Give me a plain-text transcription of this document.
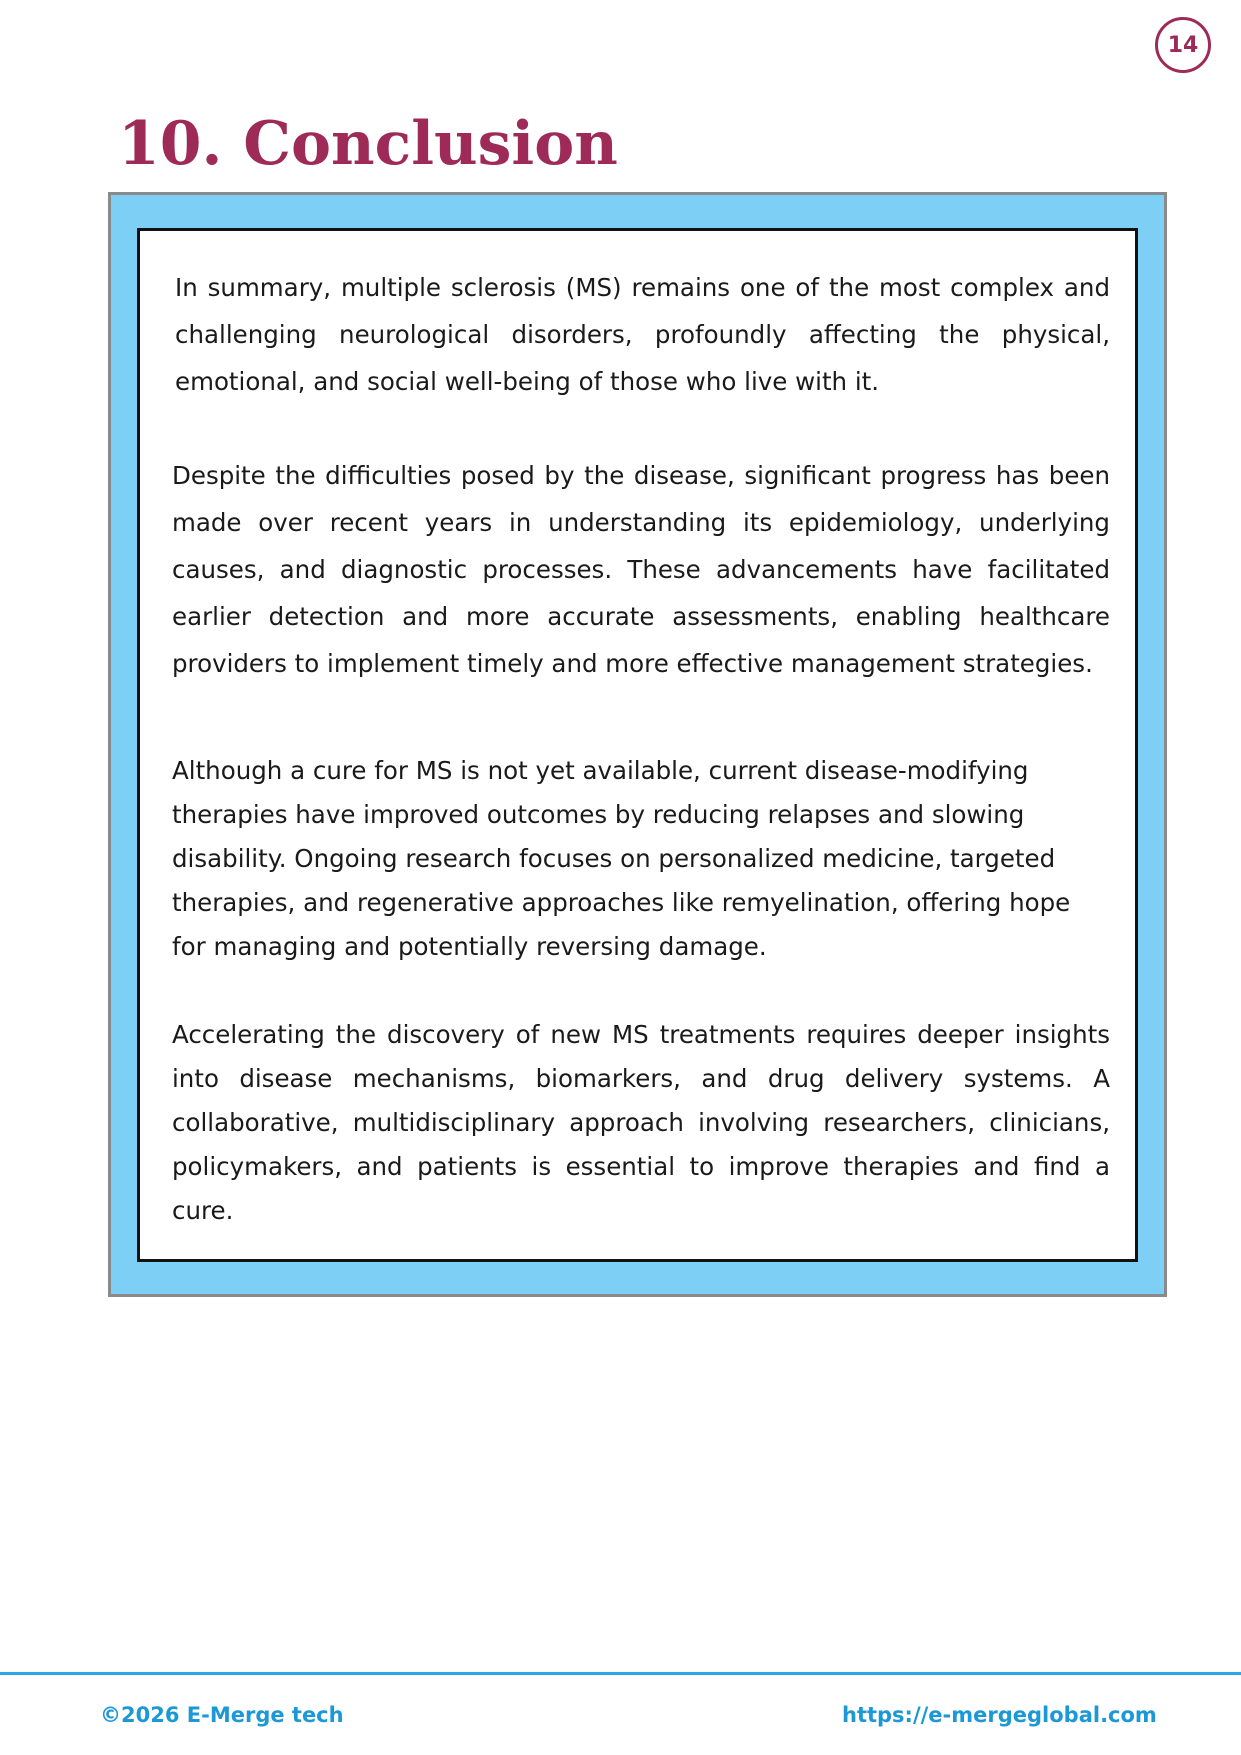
14
10. Conclusion

In summary, multiple sclerosis (MS) remains one of the most complex and challenging neurological disorders, profoundly affecting the physical, emotional, and social well-being of those who live with it.

Despite the difficulties posed by the disease, significant progress has been made over recent years in understanding its epidemiology, underlying causes, and diagnostic processes. These advancements have facilitated earlier detection and more accurate assessments, enabling healthcare providers to implement timely and more effective management strategies.

Although a cure for MS is not yet available, current disease-modifying therapies have improved outcomes by reducing relapses and slowing disability. Ongoing research focuses on personalized medicine, targeted therapies, and regenerative approaches like remyelination, offering hope for managing and potentially reversing damage.

Accelerating the discovery of new MS treatments requires deeper insights into disease mechanisms, biomarkers, and drug delivery systems. A collaborative, multidisciplinary approach involving researchers, clinicians, policymakers, and patients is essential to improve therapies and find a cure.

©2026 E-Merge tech	https://e-mergeglobal.com
